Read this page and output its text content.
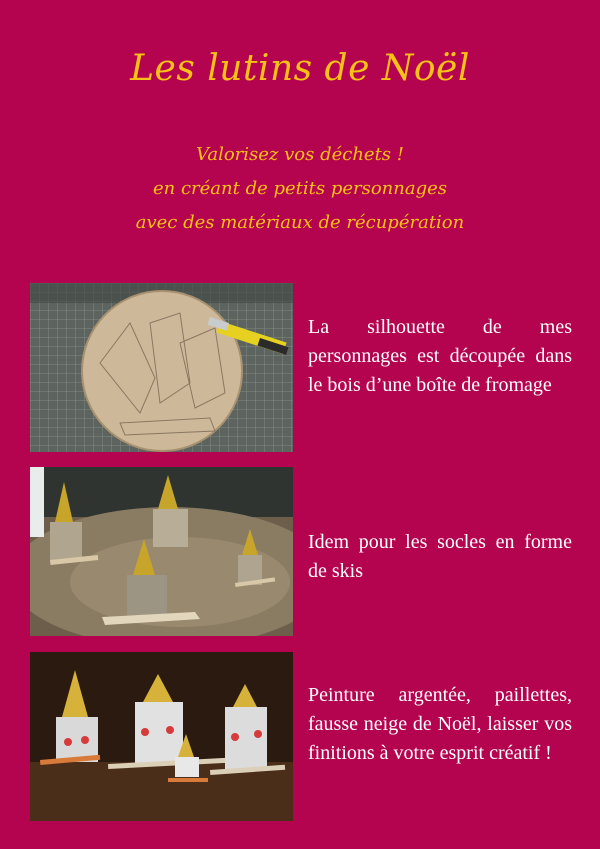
Les lutins de Noël
Valorisez vos déchets !
en créant de petits personnages
avec des matériaux de récupération
La silhouette de mes personnages est découpée dans le bois d’une boîte de fromage
Idem pour les socles en forme de skis
Peinture argentée, paillettes, fausse neige de Noël, laisser vos finitions à votre esprit créatif !
